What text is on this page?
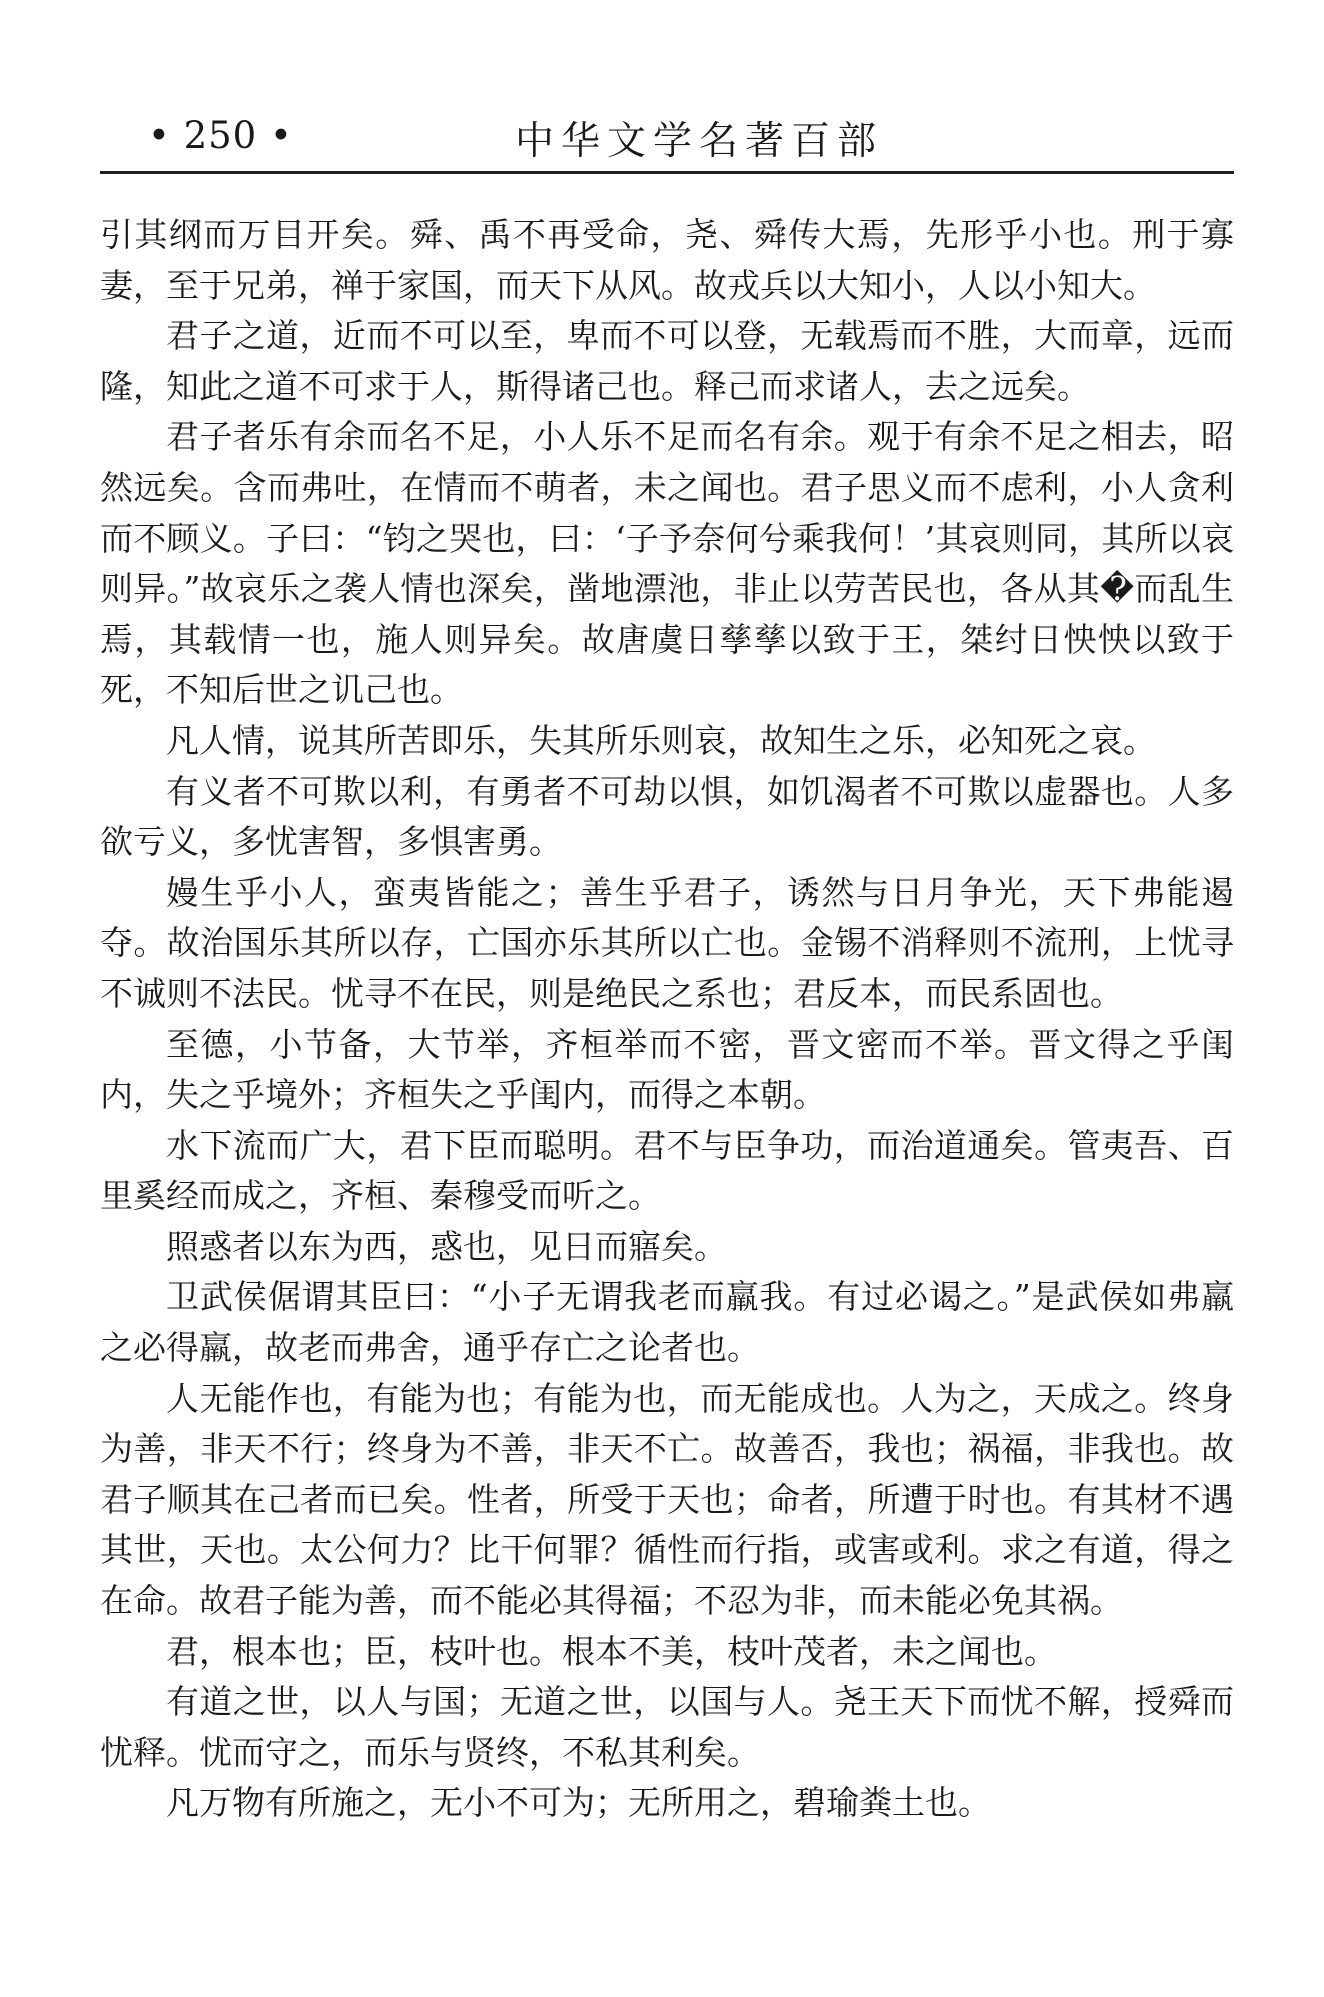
• 250 •	中华文学名著百部

引其纲而万目开矣。舜、禹不再受命，尧、舜传大焉，先形乎小也。刑于寡妻，至于兄弟，禅于家国，而天下从风。故戎兵以大知小，人以小知大。

君子之道，近而不可以至，卑而不可以登，无载焉而不胜，大而章，远而隆，知此之道不可求于人，斯得诸己也。释己而求诸人，去之远矣。

君子者乐有余而名不足，小人乐不足而名有余。观于有余不足之相去，昭然远矣。含而弗吐，在情而不萌者，未之闻也。君子思义而不虑利，小人贪利而不顾义。子曰：“钧之哭也，曰：‘子予奈何兮乘我何！’其哀则同，其所以哀则异。”故哀乐之袭人情也深矣，凿地漂池，非止以劳苦民也，各从其�而乱生焉，其载情一也，施人则异矣。故唐虞日孳孳以致于王，桀纣日怏怏以致于死，不知后世之讥己也。

凡人情，说其所苦即乐，失其所乐则哀，故知生之乐，必知死之哀。

有义者不可欺以利，有勇者不可劫以惧，如饥渴者不可欺以虚器也。人多欲亏义，多忧害智，多惧害勇。

嫚生乎小人，蛮夷皆能之；善生乎君子，诱然与日月争光，天下弗能遏夺。故治国乐其所以存，亡国亦乐其所以亡也。金锡不消释则不流刑，上忧寻不诚则不法民。忧寻不在民，则是绝民之系也；君反本，而民系固也。

至德，小节备，大节举，齐桓举而不密，晋文密而不举。晋文得之乎闺内，失之乎境外；齐桓失之乎闺内，而得之本朝。

水下流而广大，君下臣而聪明。君不与臣争功，而治道通矣。管夷吾、百里奚经而成之，齐桓、秦穆受而听之。

照惑者以东为西，惑也，见日而寤矣。

卫武侯倨谓其臣曰：“小子无谓我老而羸我。有过必谒之。”是武侯如弗羸之必得羸，故老而弗舍，通乎存亡之论者也。

人无能作也，有能为也；有能为也，而无能成也。人为之，天成之。终身为善，非天不行；终身为不善，非天不亡。故善否，我也；祸福，非我也。故君子顺其在己者而已矣。性者，所受于天也；命者，所遭于时也。有其材不遇其世，天也。太公何力？比干何罪？循性而行指，或害或利。求之有道，得之在命。故君子能为善，而不能必其得福；不忍为非，而未能必免其祸。

君，根本也；臣，枝叶也。根本不美，枝叶茂者，未之闻也。

有道之世，以人与国；无道之世，以国与人。尧王天下而忧不解，授舜而忧释。忧而守之，而乐与贤终，不私其利矣。

凡万物有所施之，无小不可为；无所用之，碧瑜粪土也。
